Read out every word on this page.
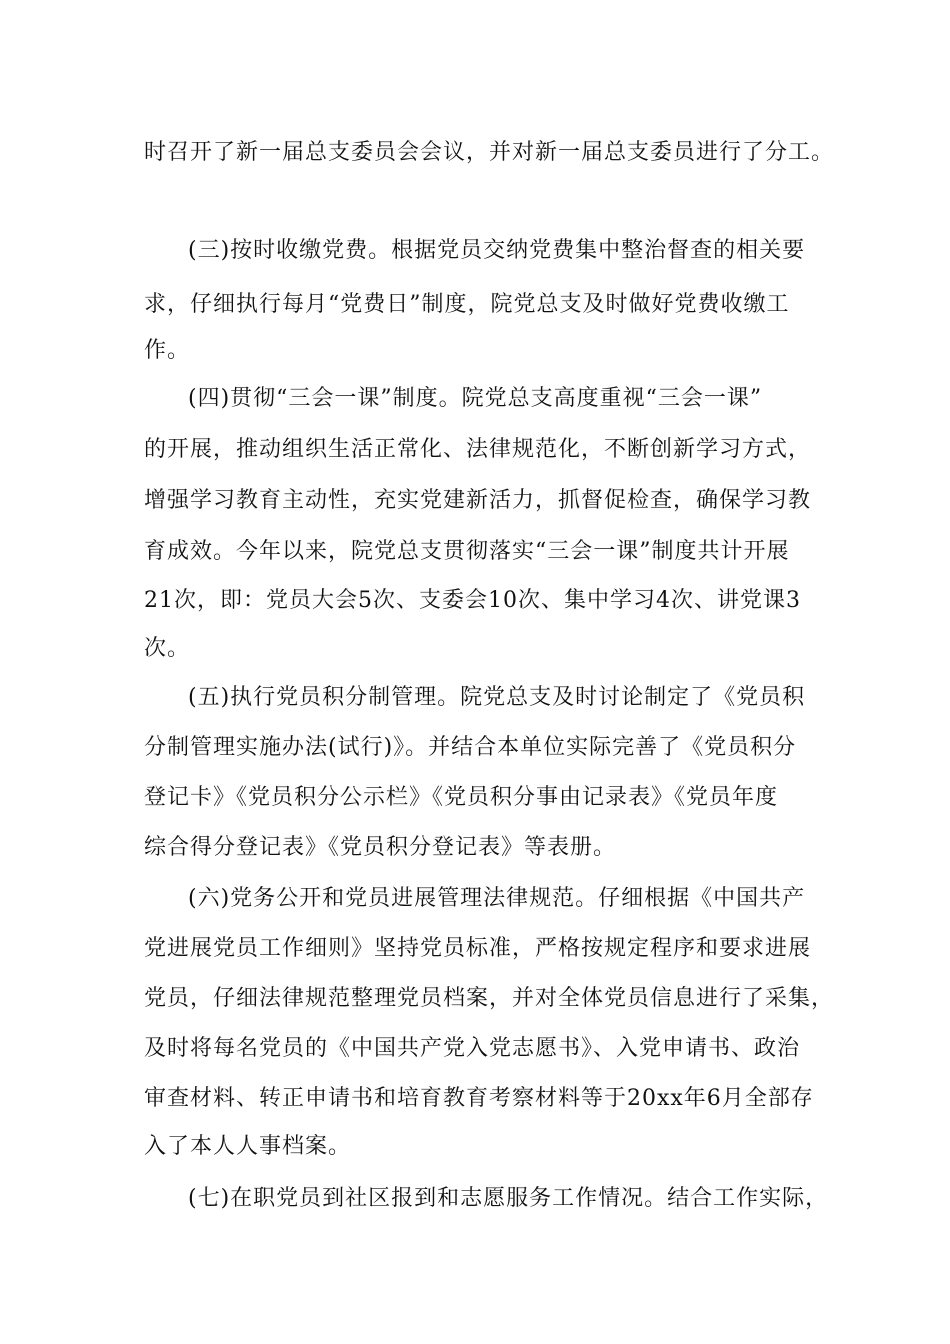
时召开了新一届总支委员会会议，并对新一届总支委员进行了分工。
(三)按时收缴党费。根据党员交纳党费集中整治督查的相关要
求，仔细执行每月“党费日”制度，院党总支及时做好党费收缴工
作。
(四)贯彻“三会一课”制度。院党总支高度重视“三会一课”
的开展，推动组织生活正常化、法律规范化，不断创新学习方式，
增强学习教育主动性，充实党建新活力，抓督促检查，确保学习教
育成效。今年以来，院党总支贯彻落实“三会一课”制度共计开展
21次，即：党员大会5次、支委会10次、集中学习4次、讲党课3
次。
(五)执行党员积分制管理。院党总支及时讨论制定了《党员积
分制管理实施办法(试行)》。并结合本单位实际完善了《党员积分
登记卡》《党员积分公示栏》《党员积分事由记录表》《党员年度
综合得分登记表》《党员积分登记表》等表册。
(六)党务公开和党员进展管理法律规范。仔细根据《中国共产
党进展党员工作细则》坚持党员标准，严格按规定程序和要求进展
党员，仔细法律规范整理党员档案，并对全体党员信息进行了采集，
及时将每名党员的《中国共产党入党志愿书》、入党申请书、政治
审查材料、转正申请书和培育教育考察材料等于20xx年6月全部存
入了本人人事档案。
(七)在职党员到社区报到和志愿服务工作情况。结合工作实际，
